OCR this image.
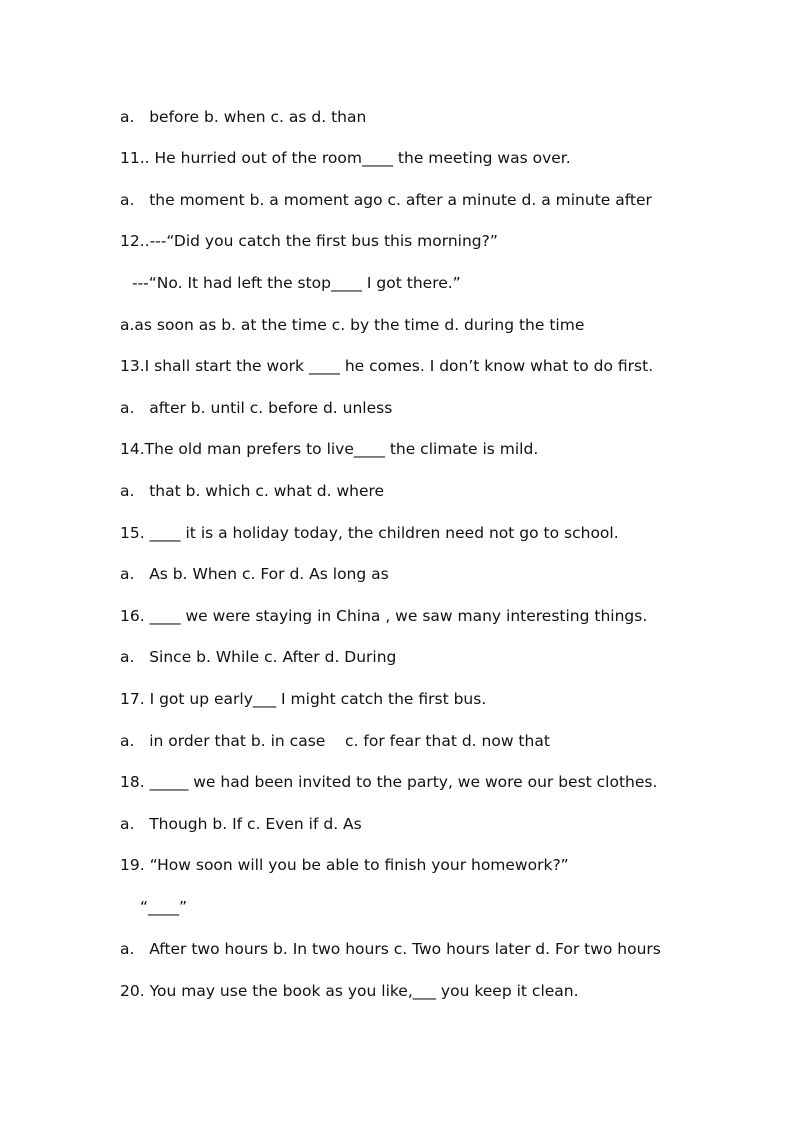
a.   before b. when c. as d. than
11.. He hurried out of the room____ the meeting was over.
a.   the moment b. a moment ago c. after a minute d. a minute after
12..---“Did you catch the first bus this morning?”
---“No. It had left the stop____ I got there.”
a.as soon as b. at the time c. by the time d. during the time
13.I shall start the work ____ he comes. I don’t know what to do first.
a.   after b. until c. before d. unless
14.The old man prefers to live____ the climate is mild.
a.   that b. which c. what d. where
15. ____ it is a holiday today, the children need not go to school.
a.   As b. When c. For d. As long as
16. ____ we were staying in China , we saw many interesting things.
a.   Since b. While c. After d. During
17. I got up early___ I might catch the first bus.
a.   in order that b. in case    c. for fear that d. now that
18. _____ we had been invited to the party, we wore our best clothes.
a.   Though b. If c. Even if d. As
19. “How soon will you be able to finish your homework?”
“____”
a.   After two hours b. In two hours c. Two hours later d. For two hours
20. You may use the book as you like,___ you keep it clean.
